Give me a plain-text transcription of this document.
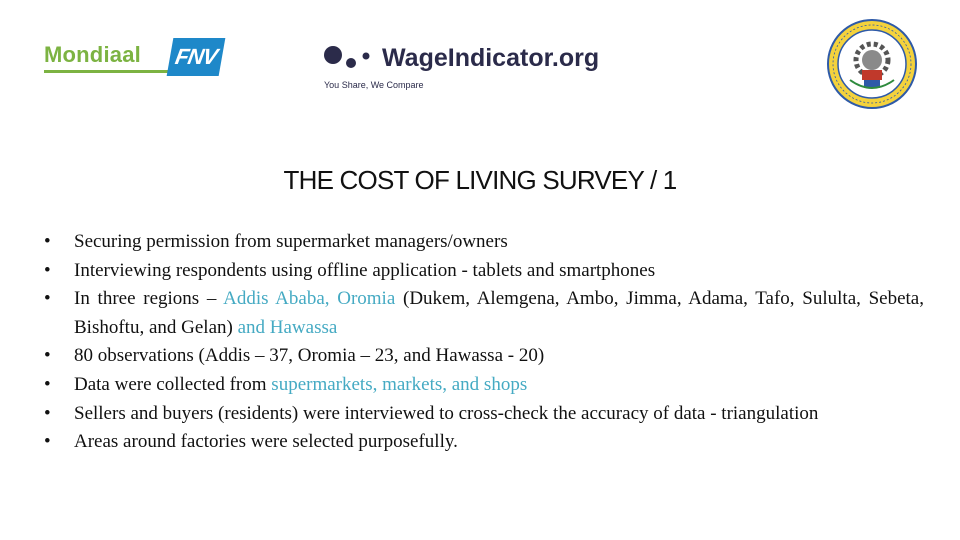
Mondiaal	FNV	WageIndicator.org
You Share, We Compare
THE COST OF LIVING SURVEY / 1
• Securing permission from supermarket managers/owners
• Interviewing respondents using offline application - tablets and smartphones
• In three regions – Addis Ababa, Oromia (Dukem, Alemgena, Ambo, Jimma, Adama, Tafo, Sululta, Sebeta, Bishoftu, and Gelan) and Hawassa
• 80 observations (Addis – 37, Oromia – 23, and Hawassa - 20)
• Data were collected from supermarkets, markets, and shops
• Sellers and buyers (residents) were interviewed to cross-check the accuracy of data - triangulation
• Areas around factories were selected purposefully.
